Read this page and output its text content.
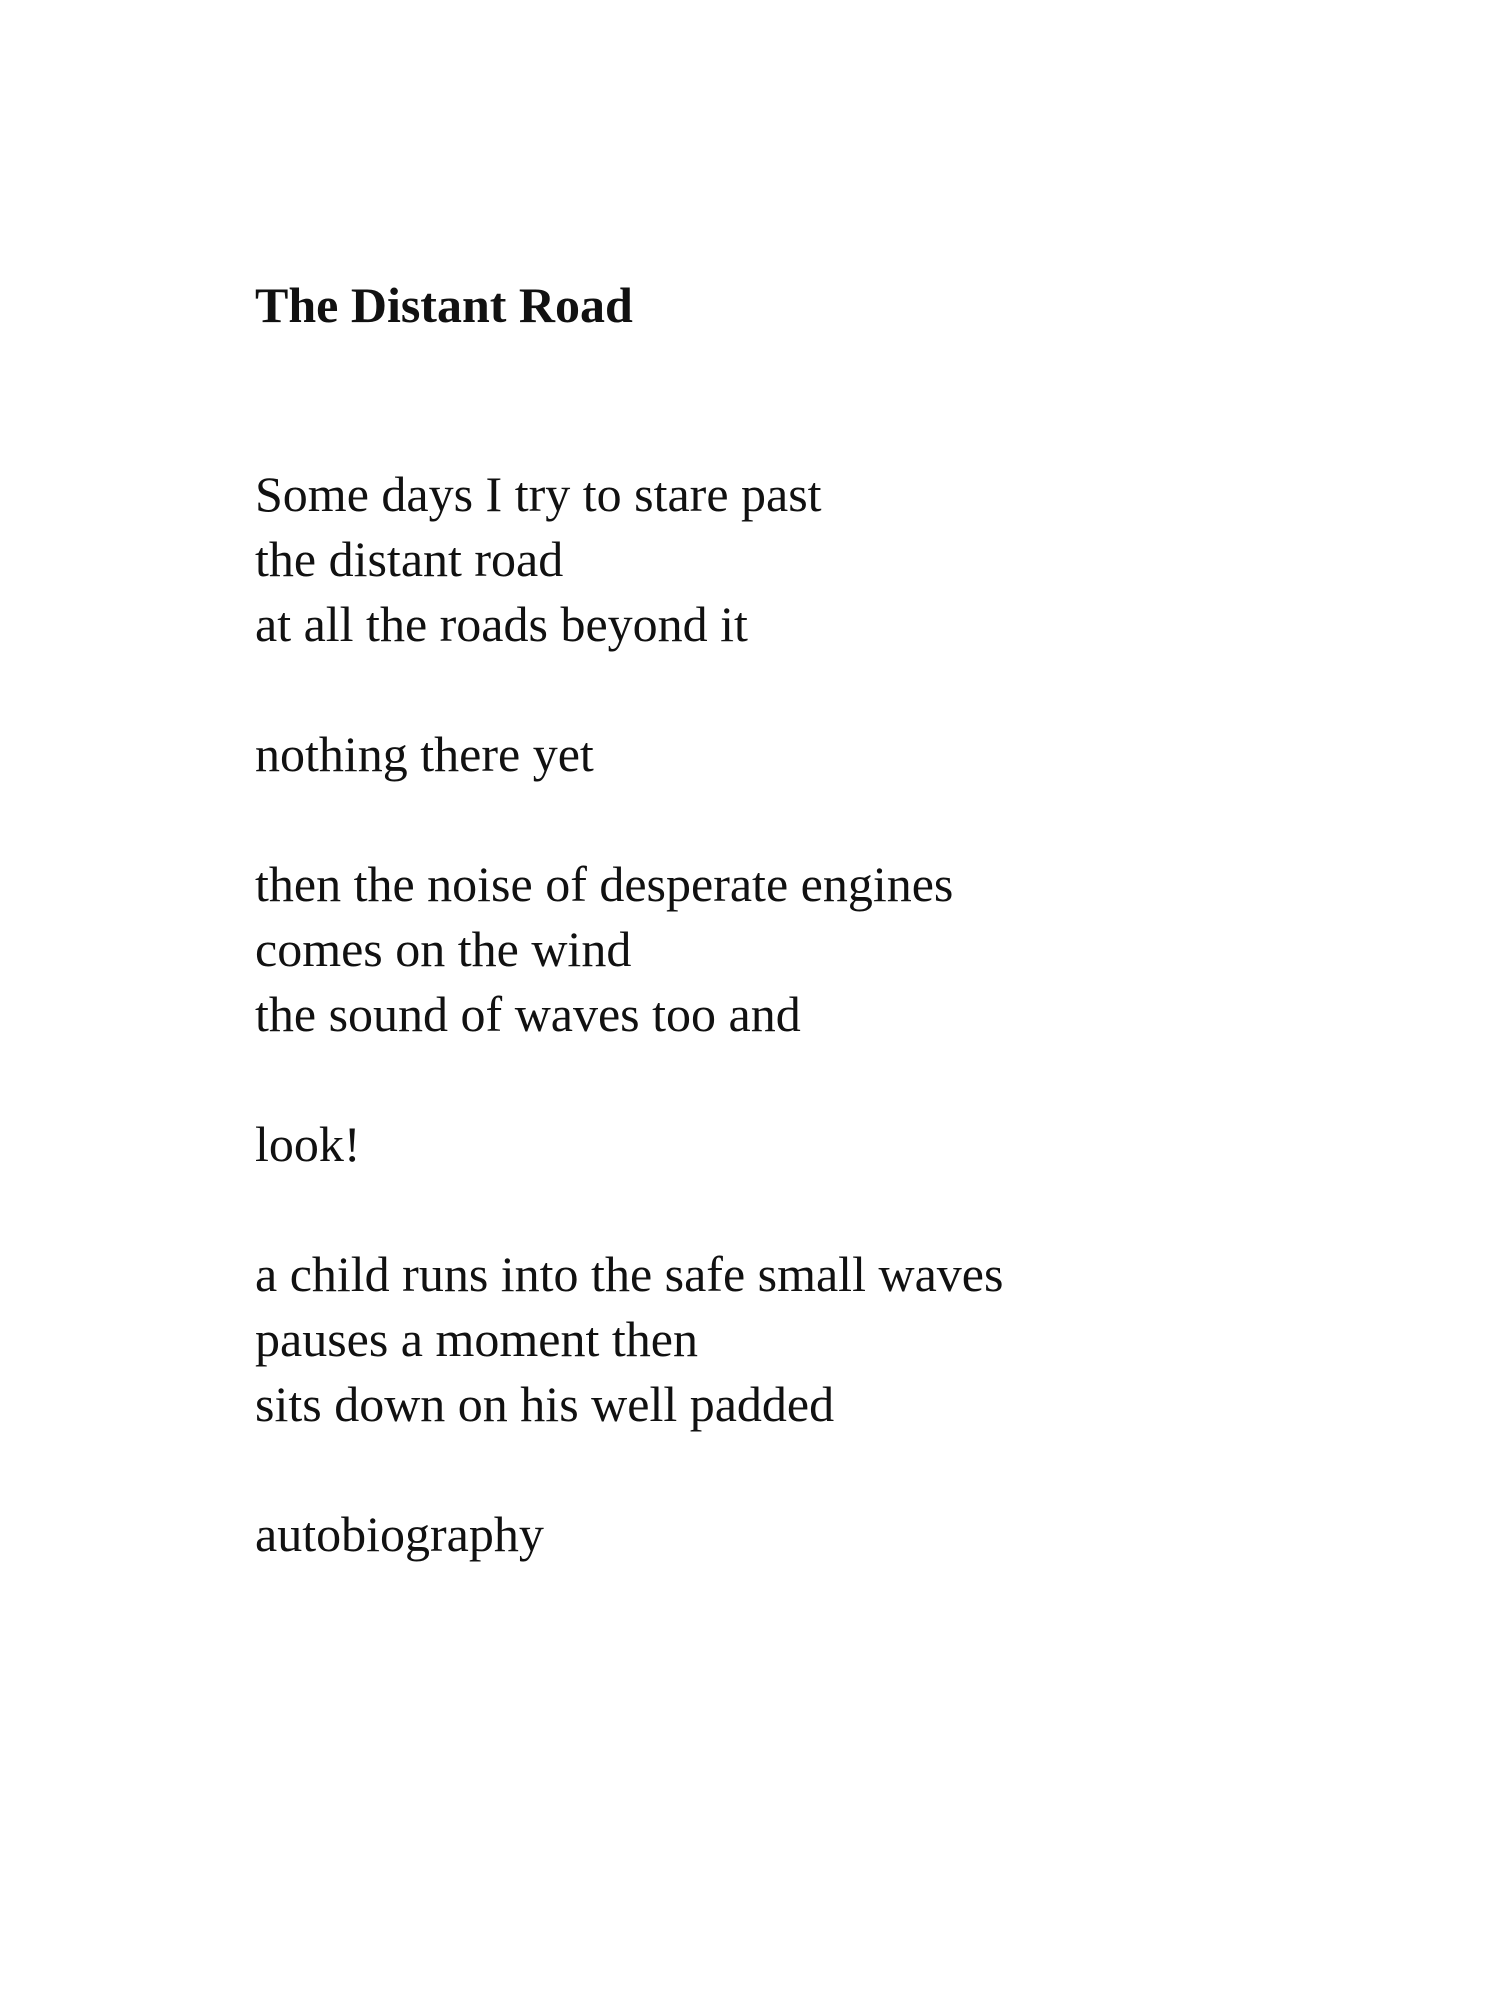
The Distant Road

Some days I try to stare past
the distant road
at all the roads beyond it

nothing there yet

then the noise of desperate engines
comes on the wind
the sound of waves too and

look!

a child runs into the safe small waves
pauses a moment then
sits down on his well padded

autobiography
